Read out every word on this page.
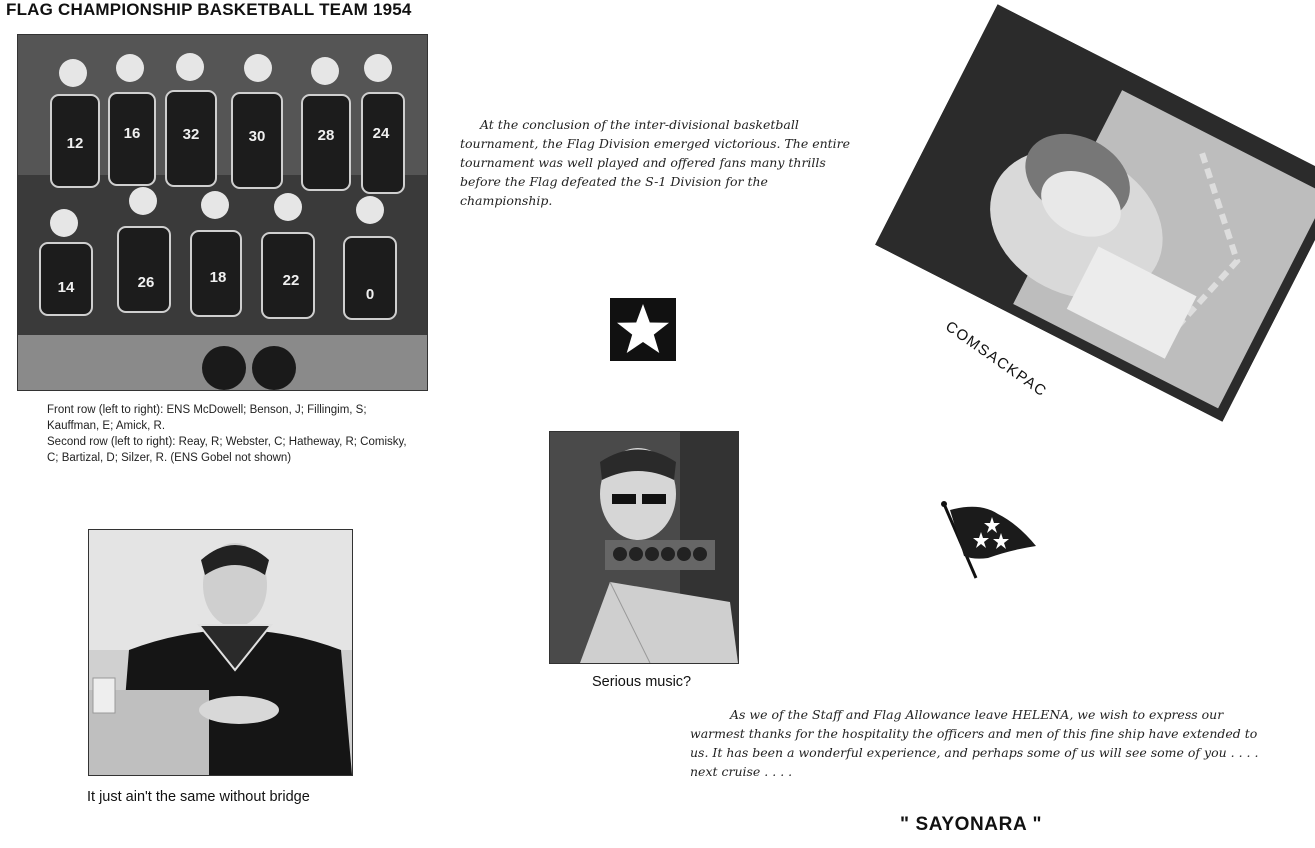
FLAG CHAMPIONSHIP BASKETBALL TEAM 1954
12
16	32	30	28	24
14	26	18	22
0
Front row (left to right): ENS McDowell; Benson, J; Fillingim, S; Kauffman, E; Amick, R.
Second row (left to right): Reay, R; Webster, C; Hatheway, R; Comisky, C; Bartizal, D; Silzer, R. (ENS Gobel not shown)
At the conclusion of the inter-divisional basketball tournament, the Flag Division emerged victorious. The entire tournament was well played and offered fans many thrills before the Flag defeated the S-1 Division for the championship.
COMSACKPAC
Serious music?
It just ain't the same without bridge
As we of the Staff and Flag Allowance leave HELENA, we wish to express our warmest thanks for the hospitality the officers and men of this fine ship have extended to us. It has been a wonderful experience, and perhaps some of us will see some of you . . . . next cruise . . . .
" SAYONARA "
